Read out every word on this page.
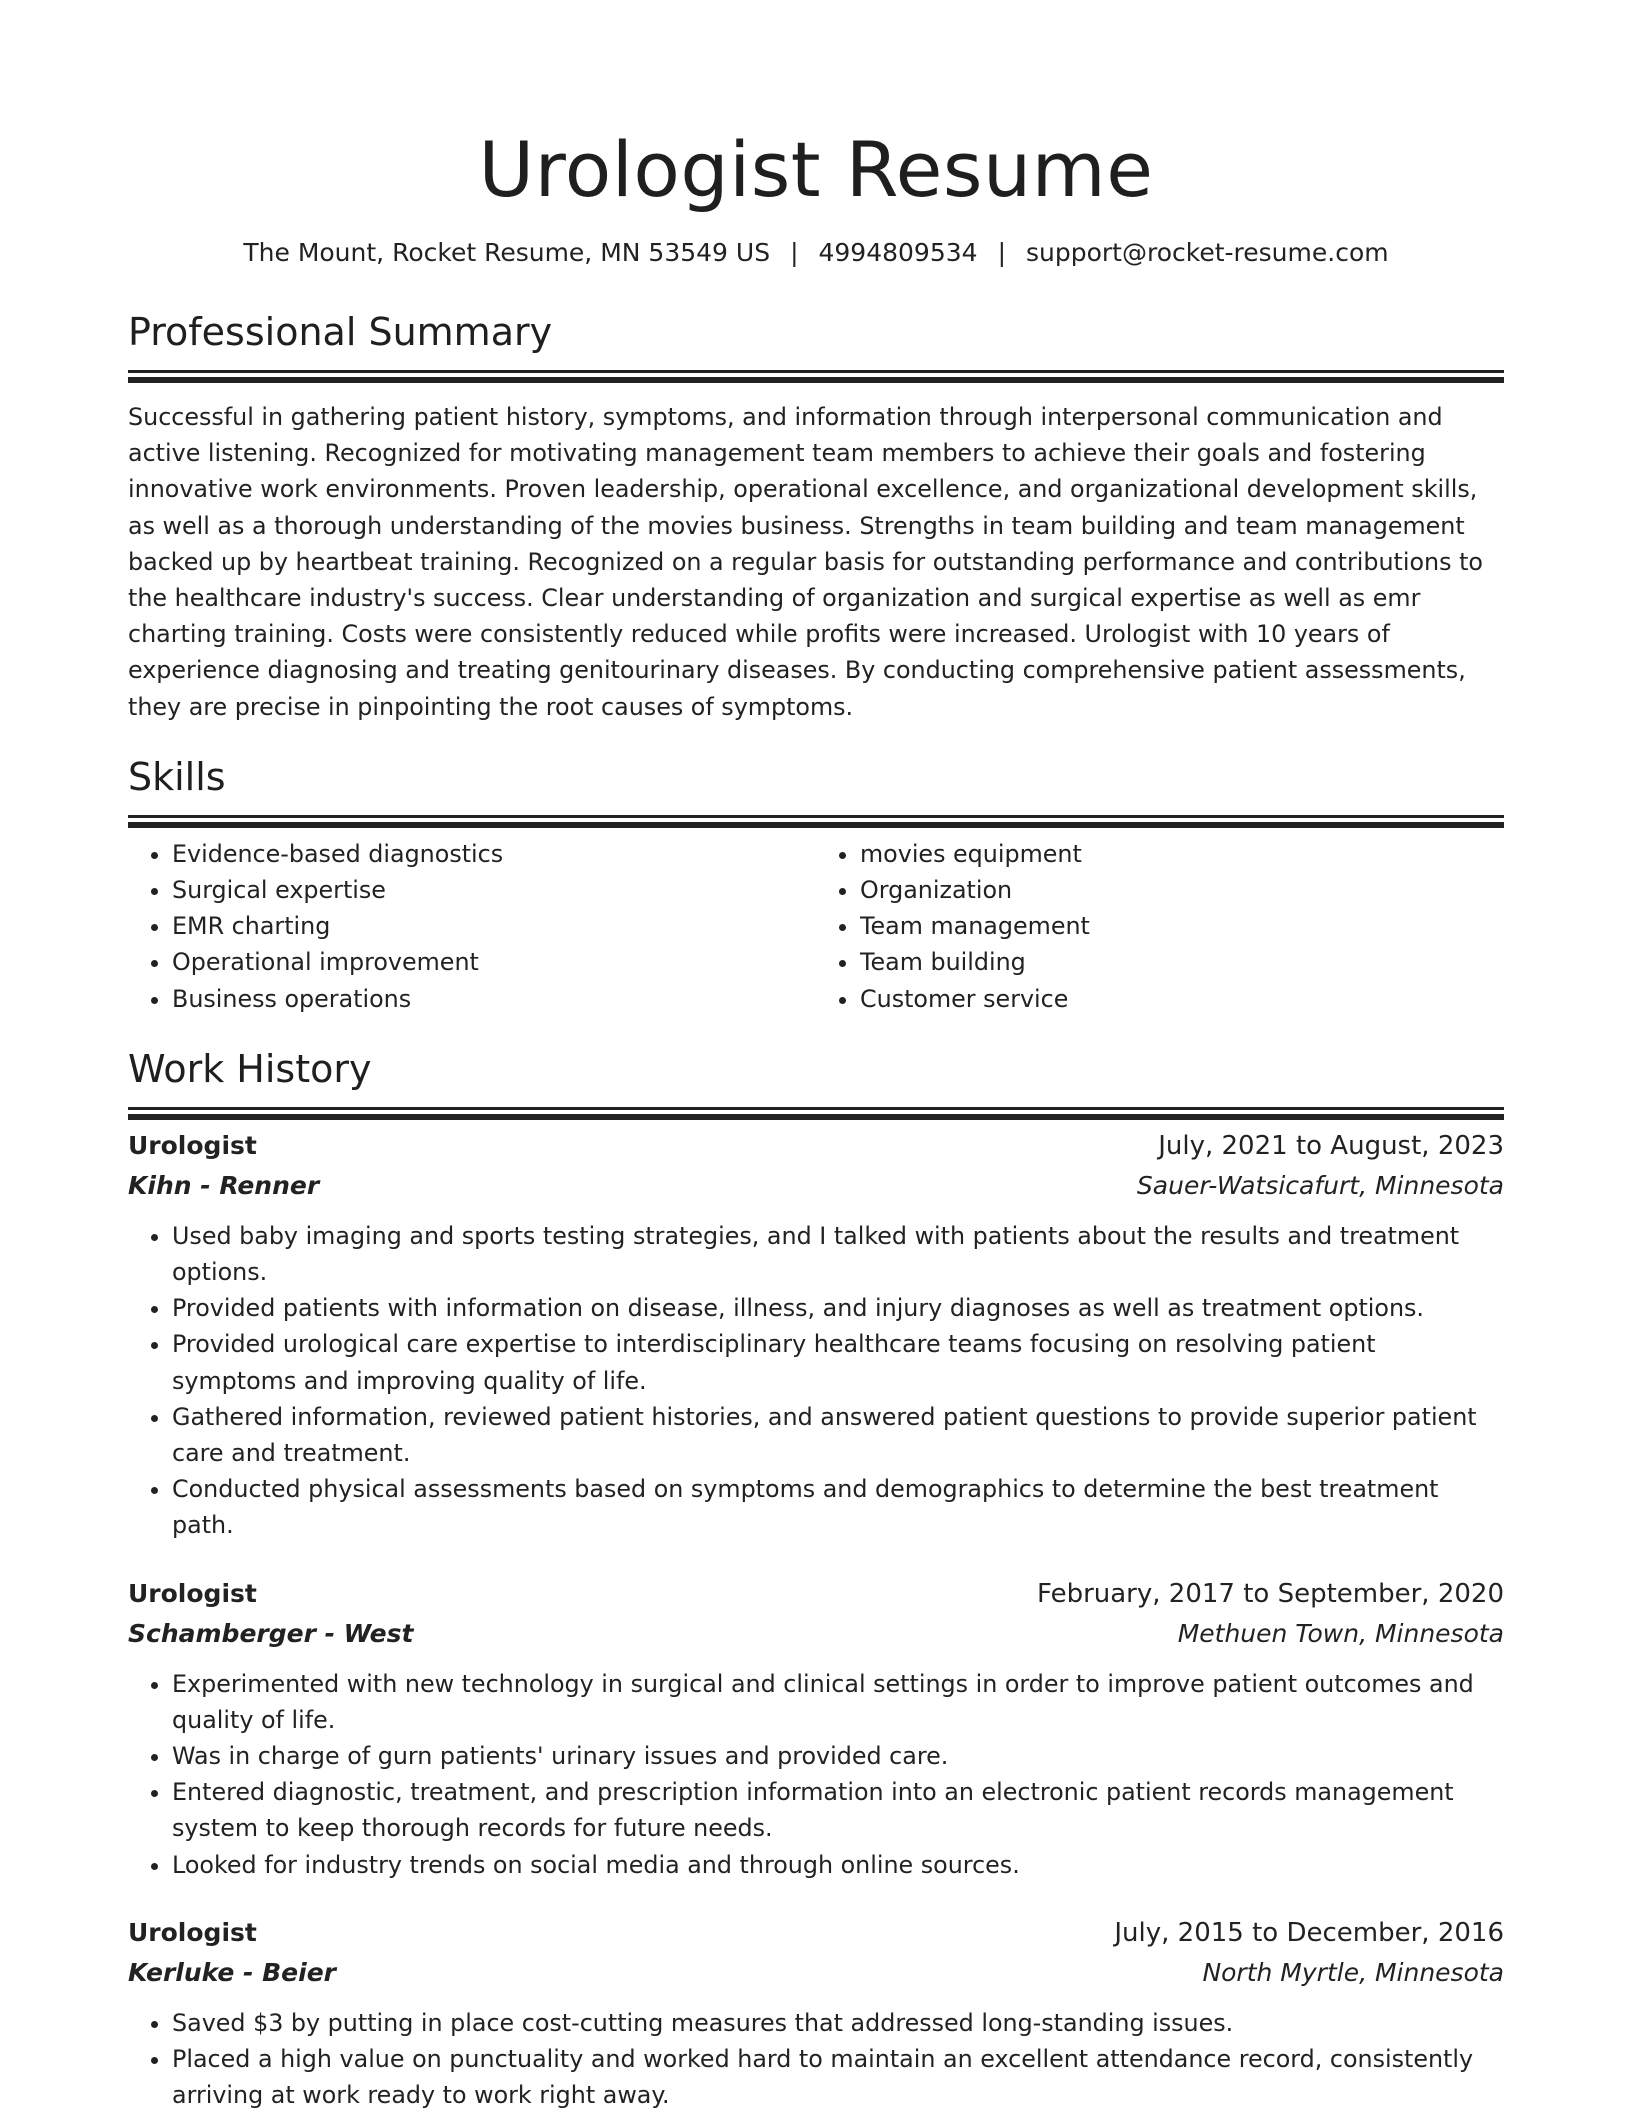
Urologist Resume
The Mount, Rocket Resume, MN 53549 US | 4994809534 | support@rocket-resume.com
Professional Summary
Successful in gathering patient history, symptoms, and information through interpersonal communication and active listening. Recognized for motivating management team members to achieve their goals and fostering innovative work environments. Proven leadership, operational excellence, and organizational development skills, as well as a thorough understanding of the movies business. Strengths in team building and team management backed up by heartbeat training. Recognized on a regular basis for outstanding performance and contributions to the healthcare industry's success. Clear understanding of organization and surgical expertise as well as emr charting training. Costs were consistently reduced while profits were increased. Urologist with 10 years of experience diagnosing and treating genitourinary diseases. By conducting comprehensive patient assessments, they are precise in pinpointing the root causes of symptoms.
Skills
• Evidence-based diagnostics
• Surgical expertise
• EMR charting
• Operational improvement
• Business operations
• movies equipment
• Organization
• Team management
• Team building
• Customer service
Work History
Urologist	July, 2021 to August, 2023
Kihn - Renner	Sauer-Watsicafurt, Minnesota
• Used baby imaging and sports testing strategies, and I talked with patients about the results and treatment options.
• Provided patients with information on disease, illness, and injury diagnoses as well as treatment options.
• Provided urological care expertise to interdisciplinary healthcare teams focusing on resolving patient symptoms and improving quality of life.
• Gathered information, reviewed patient histories, and answered patient questions to provide superior patient care and treatment.
• Conducted physical assessments based on symptoms and demographics to determine the best treatment path.
Urologist	February, 2017 to September, 2020
Schamberger - West	Methuen Town, Minnesota
• Experimented with new technology in surgical and clinical settings in order to improve patient outcomes and quality of life.
• Was in charge of gurn patients' urinary issues and provided care.
• Entered diagnostic, treatment, and prescription information into an electronic patient records management system to keep thorough records for future needs.
• Looked for industry trends on social media and through online sources.
Urologist	July, 2015 to December, 2016
Kerluke - Beier	North Myrtle, Minnesota
• Saved $3 by putting in place cost-cutting measures that addressed long-standing issues.
• Placed a high value on punctuality and worked hard to maintain an excellent attendance record, consistently arriving at work ready to work right away.
